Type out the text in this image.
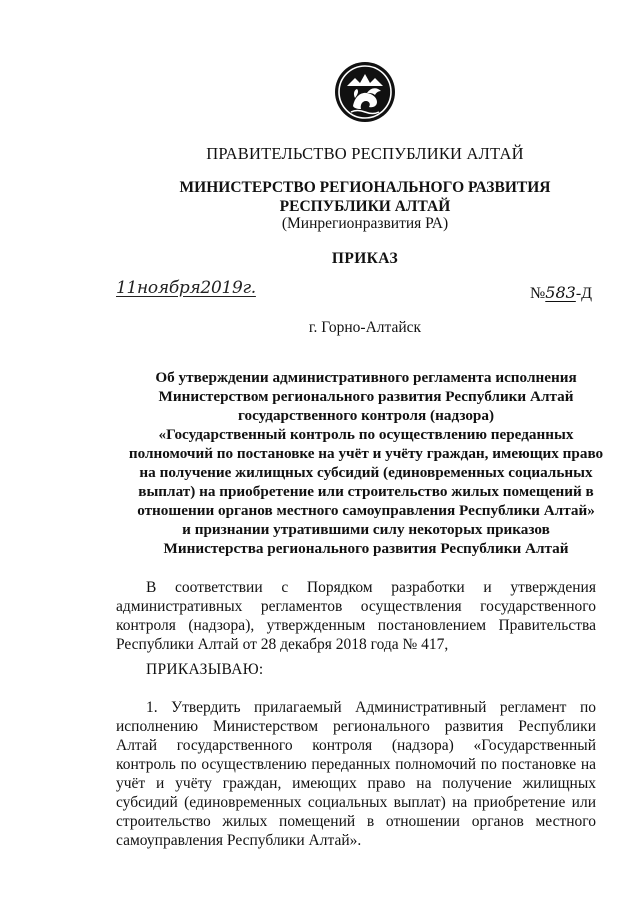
ПРАВИТЕЛЬСТВО РЕСПУБЛИКИ АЛТАЙ
МИНИСТЕРСТВО РЕГИОНАЛЬНОГО РАЗВИТИЯ
РЕСПУБЛИКИ АЛТАЙ
(Минрегионразвития РА)
ПРИКАЗ
11ноября2019г.	№583-Д
г. Горно-Алтайск
Об утверждении административного регламента исполнения
Министерством регионального развития Республики Алтай
государственного контроля (надзора)
«Государственный контроль по осуществлению переданных
полномочий по постановке на учёт и учёту граждан, имеющих право
на получение жилищных субсидий (единовременных социальных
выплат) на приобретение или строительство жилых помещений в
отношении органов местного самоуправления Республики Алтай»
и признании утратившими силу некоторых приказов
Министерства регионального развития Республики Алтай
В соответствии с Порядком разработки и утверждения административных регламентов осуществления государственного контроля (надзора), утвержденным постановлением Правительства Республики Алтай от 28 декабря 2018 года № 417,
ПРИКАЗЫВАЮ:
1. Утвердить прилагаемый Административный регламент по исполнению Министерством регионального развития Республики Алтай государственного контроля (надзора) «Государственный контроль по осуществлению переданных полномочий по постановке на учёт и учёту граждан, имеющих право на получение жилищных субсидий (единовременных социальных выплат) на приобретение или строительство жилых помещений в отношении органов местного самоуправления Республики Алтай».
